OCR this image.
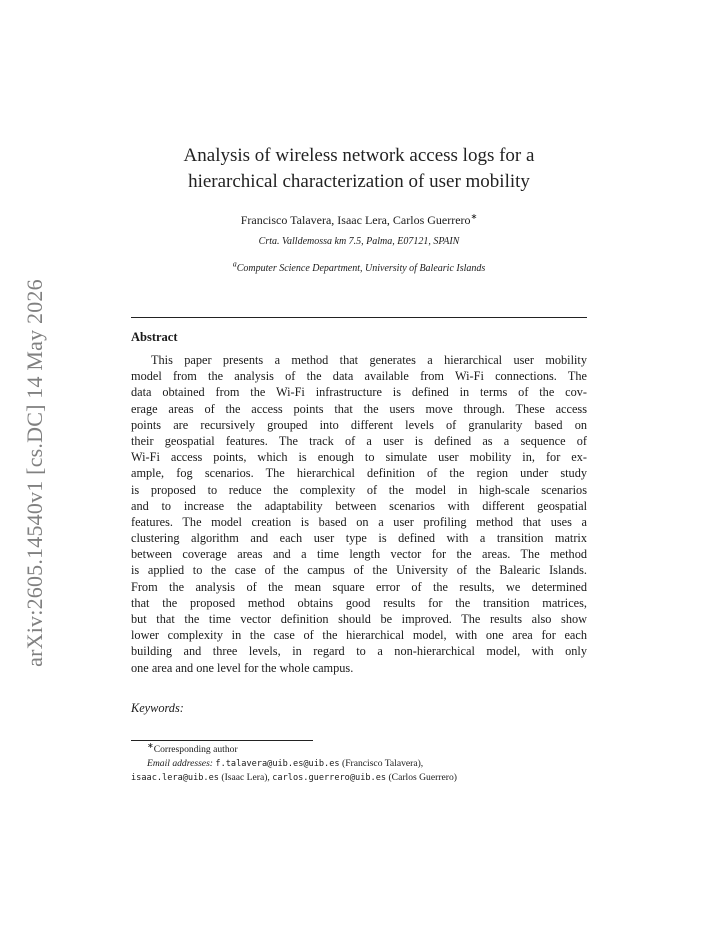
arXiv:2605.14540v1 [cs.DC] 14 May 2026
Analysis of wireless network access logs for a
hierarchical characterization of user mobility
Francisco Talavera, Isaac Lera, Carlos Guerrero∗
Crta. Valldemossa km 7.5, Palma, E07121, SPAIN
$^a$Computer Science Department, University of Balearic Islands
Abstract
This paper presents a method that generates a hierarchical user mobility
model from the analysis of the data available from Wi-Fi connections. The
data obtained from the Wi-Fi infrastructure is defined in terms of the cov-
erage areas of the access points that the users move through. These access
points are recursively grouped into different levels of granularity based on
their geospatial features. The track of a user is defined as a sequence of
Wi-Fi access points, which is enough to simulate user mobility in, for ex-
ample, fog scenarios. The hierarchical definition of the region under study
is proposed to reduce the complexity of the model in high-scale scenarios
and to increase the adaptability between scenarios with different geospatial
features. The model creation is based on a user profiling method that uses a
clustering algorithm and each user type is defined with a transition matrix
between coverage areas and a time length vector for the areas. The method
is applied to the case of the campus of the University of the Balearic Islands.
From the analysis of the mean square error of the results, we determined
that the proposed method obtains good results for the transition matrices,
but that the time vector definition should be improved. The results also show
lower complexity in the case of the hierarchical model, with one area for each
building and three levels, in regard to a non-hierarchical model, with only
one area and one level for the whole campus.
Keywords:
∗Corresponding author
Email addresses: f.talavera@uib.es@uib.es (Francisco Talavera),
isaac.lera@uib.es (Isaac Lera), carlos.guerrero@uib.es (Carlos Guerrero)
